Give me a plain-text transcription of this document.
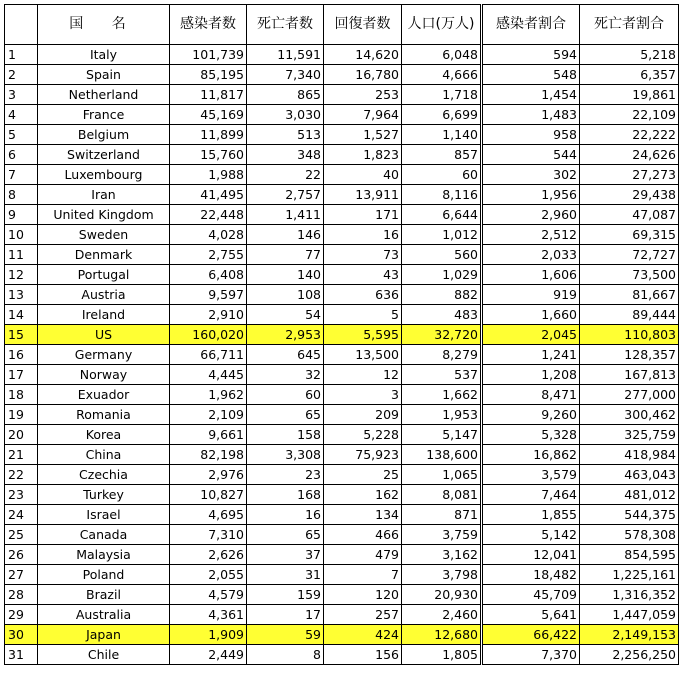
	国 名	感染者数	死亡者数	回復者数	人口(万人)	感染者割合	死亡者割合
1	Italy	101,739	11,591	14,620	6,048	594	5,218
2	Spain	85,195	7,340	16,780	4,666	548	6,357
3	Netherland	11,817	865	253	1,718	1,454	19,861
4	France	45,169	3,030	7,964	6,699	1,483	22,109
5	Belgium	11,899	513	1,527	1,140	958	22,222
6	Switzerland	15,760	348	1,823	857	544	24,626
7	Luxembourg	1,988	22	40	60	302	27,273
8	Iran	41,495	2,757	13,911	8,116	1,956	29,438
9	United Kingdom	22,448	1,411	171	6,644	2,960	47,087
10	Sweden	4,028	146	16	1,012	2,512	69,315
11	Denmark	2,755	77	73	560	2,033	72,727
12	Portugal	6,408	140	43	1,029	1,606	73,500
13	Austria	9,597	108	636	882	919	81,667
14	Ireland	2,910	54	5	483	1,660	89,444
15	US	160,020	2,953	5,595	32,720	2,045	110,803
16	Germany	66,711	645	13,500	8,279	1,241	128,357
17	Norway	4,445	32	12	537	1,208	167,813
18	Exuador	1,962	60	3	1,662	8,471	277,000
19	Romania	2,109	65	209	1,953	9,260	300,462
20	Korea	9,661	158	5,228	5,147	5,328	325,759
21	China	82,198	3,308	75,923	138,600	16,862	418,984
22	Czechia	2,976	23	25	1,065	3,579	463,043
23	Turkey	10,827	168	162	8,081	7,464	481,012
24	Israel	4,695	16	134	871	1,855	544,375
25	Canada	7,310	65	466	3,759	5,142	578,308
26	Malaysia	2,626	37	479	3,162	12,041	854,595
27	Poland	2,055	31	7	3,798	18,482	1,225,161
28	Brazil	4,579	159	120	20,930	45,709	1,316,352
29	Australia	4,361	17	257	2,460	5,641	1,447,059
30	Japan	1,909	59	424	12,680	66,422	2,149,153
31	Chile	2,449	8	156	1,805	7,370	2,256,250
